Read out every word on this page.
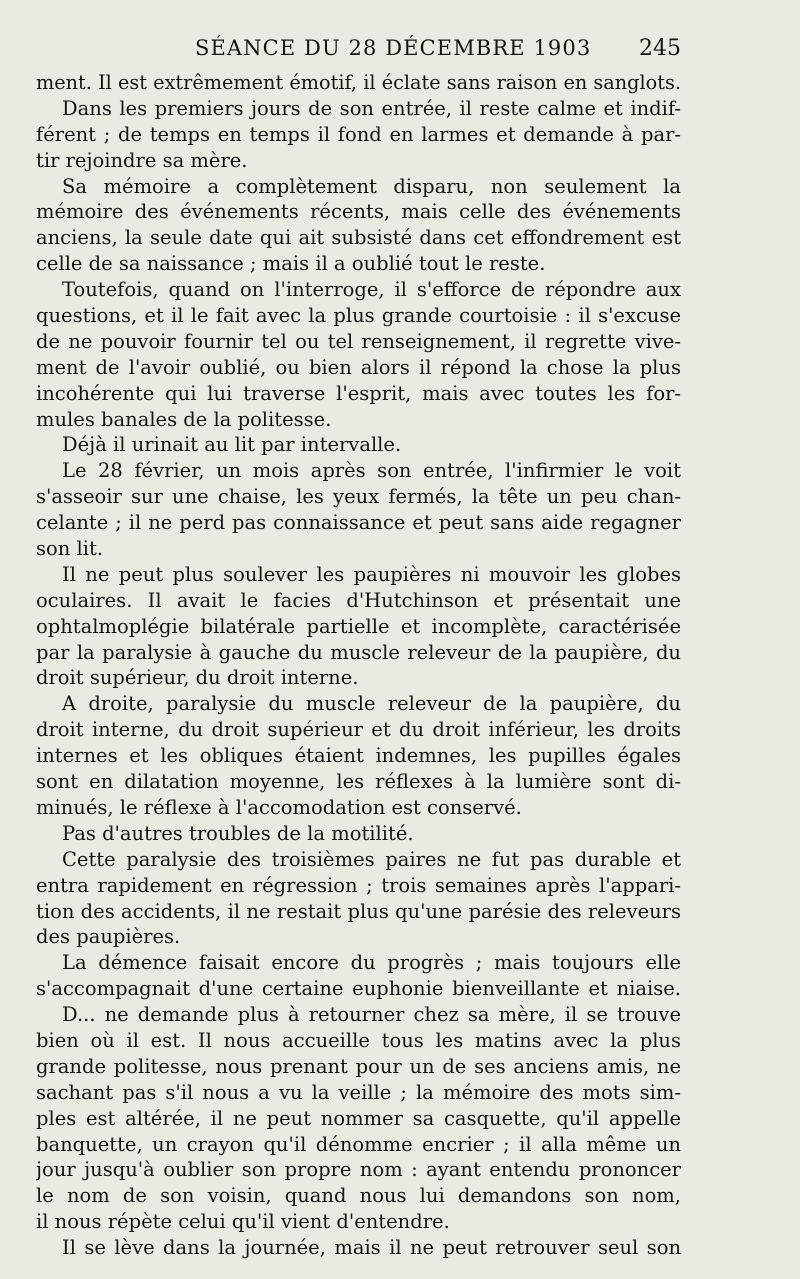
SÉANCE DU 28 DÉCEMBRE 1903 245
ment. Il est extrêmement émotif, il éclate sans raison en sanglots.
Dans les premiers jours de son entrée, il reste calme et indif-
férent ; de temps en temps il fond en larmes et demande à par-
tir rejoindre sa mère.
Sa mémoire a complètement disparu, non seulement la
mémoire des événements récents, mais celle des événements
anciens, la seule date qui ait subsisté dans cet effondrement est
celle de sa naissance ; mais il a oublié tout le reste.
Toutefois, quand on l'interroge, il s'efforce de répondre aux
questions, et il le fait avec la plus grande courtoisie : il s'excuse
de ne pouvoir fournir tel ou tel renseignement, il regrette vive-
ment de l'avoir oublié, ou bien alors il répond la chose la plus
incohérente qui lui traverse l'esprit, mais avec toutes les for-
mules banales de la politesse.
Déjà il urinait au lit par intervalle.
Le 28 février, un mois après son entrée, l'infirmier le voit
s'asseoir sur une chaise, les yeux fermés, la tête un peu chan-
celante ; il ne perd pas connaissance et peut sans aide regagner
son lit.
Il ne peut plus soulever les paupières ni mouvoir les globes
oculaires. Il avait le facies d'Hutchinson et présentait une
ophtalmoplégie bilatérale partielle et incomplète, caractérisée
par la paralysie à gauche du muscle releveur de la paupière, du
droit supérieur, du droit interne.
A droite, paralysie du muscle releveur de la paupière, du
droit interne, du droit supérieur et du droit inférieur, les droits
internes et les obliques étaient indemnes, les pupilles égales
sont en dilatation moyenne, les réflexes à la lumière sont di-
minués, le réflexe à l'accomodation est conservé.
Pas d'autres troubles de la motilité.
Cette paralysie des troisièmes paires ne fut pas durable et
entra rapidement en régression ; trois semaines après l'appari-
tion des accidents, il ne restait plus qu'une parésie des releveurs
des paupières.
La démence faisait encore du progrès ; mais toujours elle
s'accompagnait d'une certaine euphonie bienveillante et niaise.
D... ne demande plus à retourner chez sa mère, il se trouve
bien où il est. Il nous accueille tous les matins avec la plus
grande politesse, nous prenant pour un de ses anciens amis, ne
sachant pas s'il nous a vu la veille ; la mémoire des mots sim-
ples est altérée, il ne peut nommer sa casquette, qu'il appelle
banquette, un crayon qu'il dénomme encrier ; il alla même un
jour jusqu'à oublier son propre nom : ayant entendu prononcer
le nom de son voisin, quand nous lui demandons son nom,
il nous répète celui qu'il vient d'entendre.
Il se lève dans la journée, mais il ne peut retrouver seul son
